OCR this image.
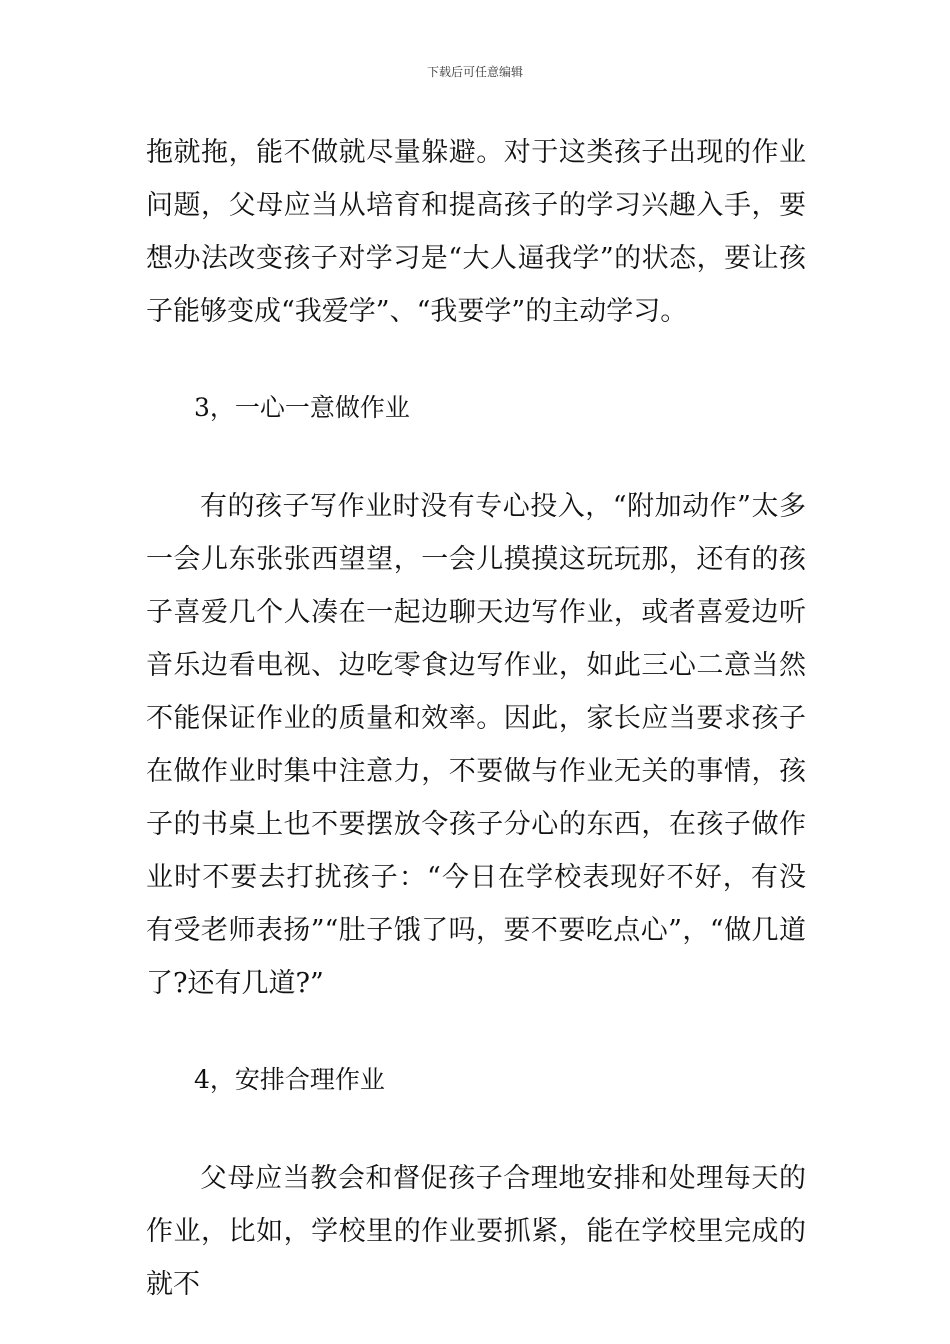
下载后可任意编辑

拖就拖，能不做就尽量躲避。对于这类孩子出现的作业问题，父母应当从培育和提高孩子的学习兴趣入手，要想办法改变孩子对学习是“大人逼我学”的状态，要让孩子能够变成“我爱学”、“我要学”的主动学习。

3，一心一意做作业

有的孩子写作业时没有专心投入，“附加动作”太多一会儿东张张西望望，一会儿摸摸这玩玩那，还有的孩子喜爱几个人凑在一起边聊天边写作业，或者喜爱边听音乐边看电视、边吃零食边写作业，如此三心二意当然不能保证作业的质量和效率。因此，家长应当要求孩子在做作业时集中注意力，不要做与作业无关的事情，孩子的书桌上也不要摆放令孩子分心的东西，在孩子做作业时不要去打扰孩子：“今日在学校表现好不好，有没有受老师表扬”“肚子饿了吗，要不要吃点心”，“做几道了?还有几道?”

4，安排合理作业

父母应当教会和督促孩子合理地安排和处理每天的作业，比如，学校里的作业要抓紧，能在学校里完成的就不
